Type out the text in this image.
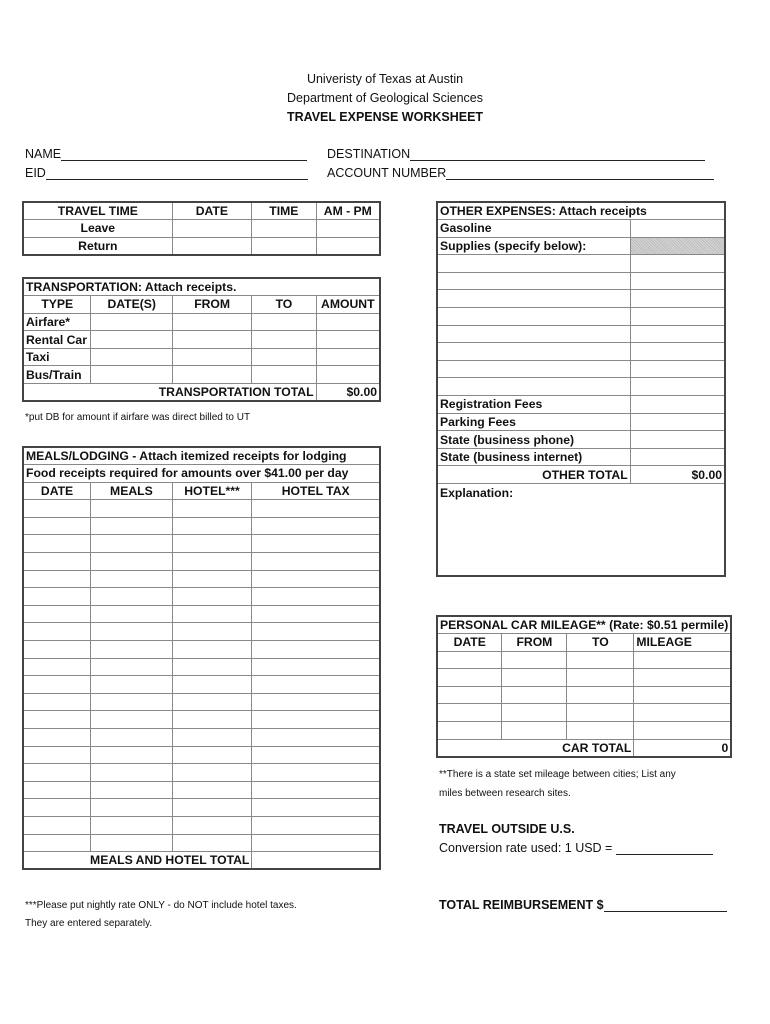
Univeristy of Texas at Austin
Department of Geological Sciences
TRAVEL EXPENSE WORKSHEET
NAME
EID
DESTINATION
ACCOUNT NUMBER
TRAVEL TIME	DATE	TIME	AM - PM
Leave			
Return			
TRANSPORTATION: Attach receipts.				
TYPE	DATE(S)	FROM	TO	AMOUNT
Airfare*				
Rental Car				
Taxi				
Bus/Train				
TRANSPORTATION TOTAL				$0.00
*put DB for amount if airfare was direct billed to UT
MEALS/LODGING - Attach itemized receipts for lodging			
Food receipts required for amounts over $41.00 per day			
DATE	MEALS	HOTEL***	HOTEL TAX

MEALS AND HOTEL TOTAL			
***Please put nightly rate ONLY - do NOT include hotel taxes.
They are entered separately.
OTHER EXPENSES: Attach receipts	
Gasoline	
Supplies (specify below):	

Registration Fees	
Parking Fees	
State (business phone)	
State (business internet)	
OTHER TOTAL	$0.00
Explanation:	
PERSONAL CAR MILEAGE** (Rate: $0.51 permile)			
DATE	FROM	TO	MILEAGE

CAR TOTAL			0
**There is a state set mileage between cities; List any
miles between research sites.
TRAVEL OUTSIDE U.S.
Conversion rate used: 1 USD =
TOTAL REIMBURSEMENT $
